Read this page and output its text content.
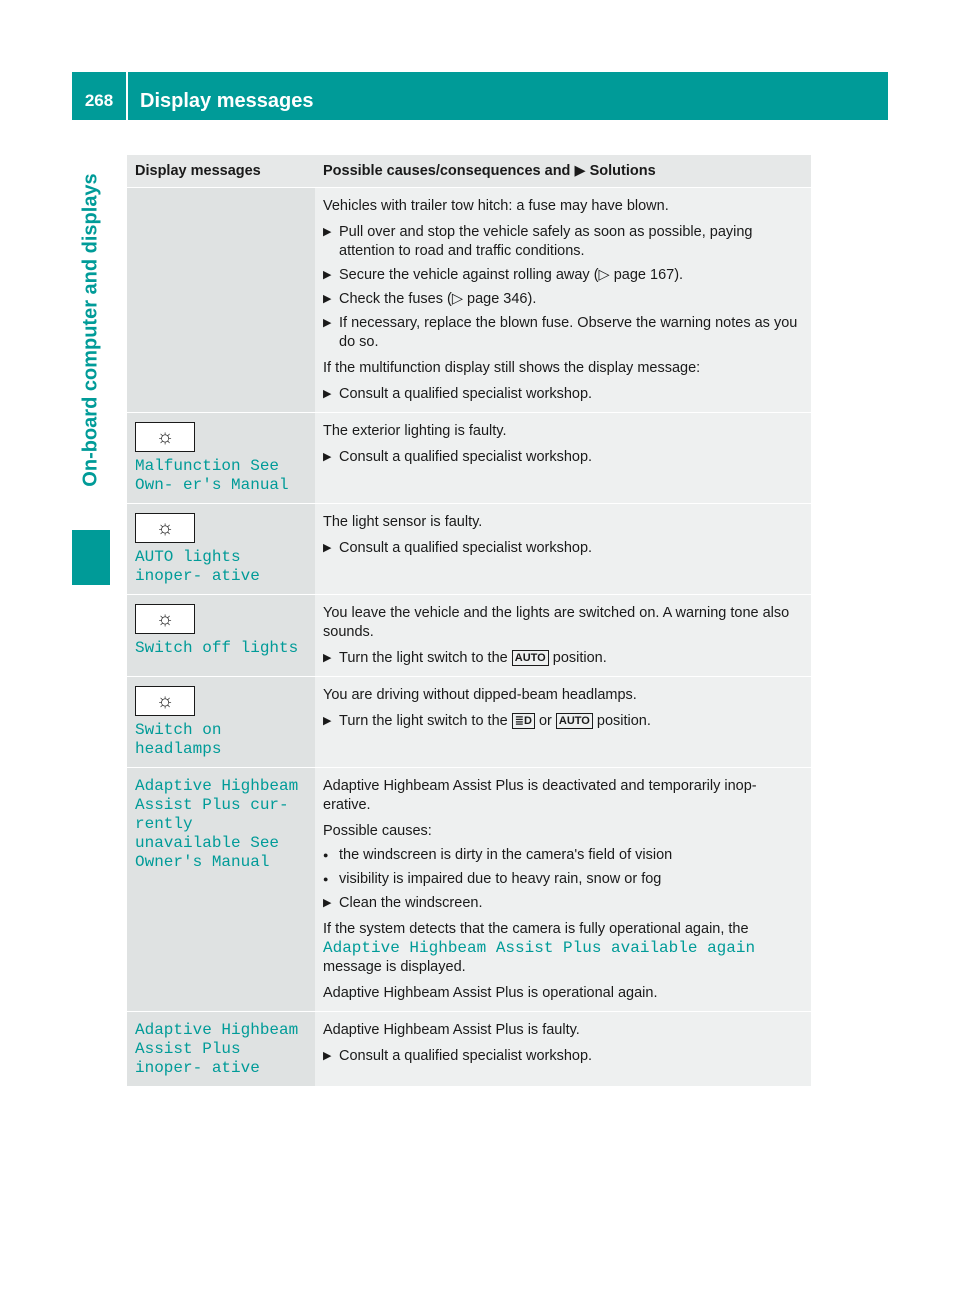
268	Display messages
On-board computer and displays
Display messages	Possible causes/consequences and ▶ Solutions

Vehicles with trailer tow hitch: a fuse may have blown.

▶ Pull over and stop the vehicle safely as soon as possible, paying attention to road and traffic conditions.
▶ Secure the vehicle against rolling away (▷ page 167).
▶ Check the fuses (▷ page 346).
▶ If necessary, replace the blown fuse. Observe the warning notes as you do so.

If the multifunction display still shows the display message:

▶ Consult a qualified specialist workshop.
☼
Malfunction See Own‐ er's Manual

The exterior lighting is faulty.

▶ Consult a qualified specialist workshop.
☼
AUTO lights inoper‐ ative

The light sensor is faulty.

▶ Consult a qualified specialist workshop.
☼
Switch off lights

You leave the vehicle and the lights are switched on. A warning tone also sounds.

▶ Turn the light switch to the AUTO position.
☼
Switch on headlamps

You are driving without dipped-beam headlamps.

▶ Turn the light switch to the ≣D or AUTO position.
Adaptive Highbeam Assist Plus cur‐ rently unavailable See Owner's Manual

Adaptive Highbeam Assist Plus is deactivated and temporarily inop‐ erative.

Possible causes:

● the windscreen is dirty in the camera's field of vision
● visibility is impaired due to heavy rain, snow or fog
▶ Clean the windscreen.

If the system detects that the camera is fully operational again, the Adaptive Highbeam Assist Plus available again message is displayed.

Adaptive Highbeam Assist Plus is operational again.

Adaptive Highbeam Assist Plus inoper‐ ative

Adaptive Highbeam Assist Plus is faulty.

▶ Consult a qualified specialist workshop.
